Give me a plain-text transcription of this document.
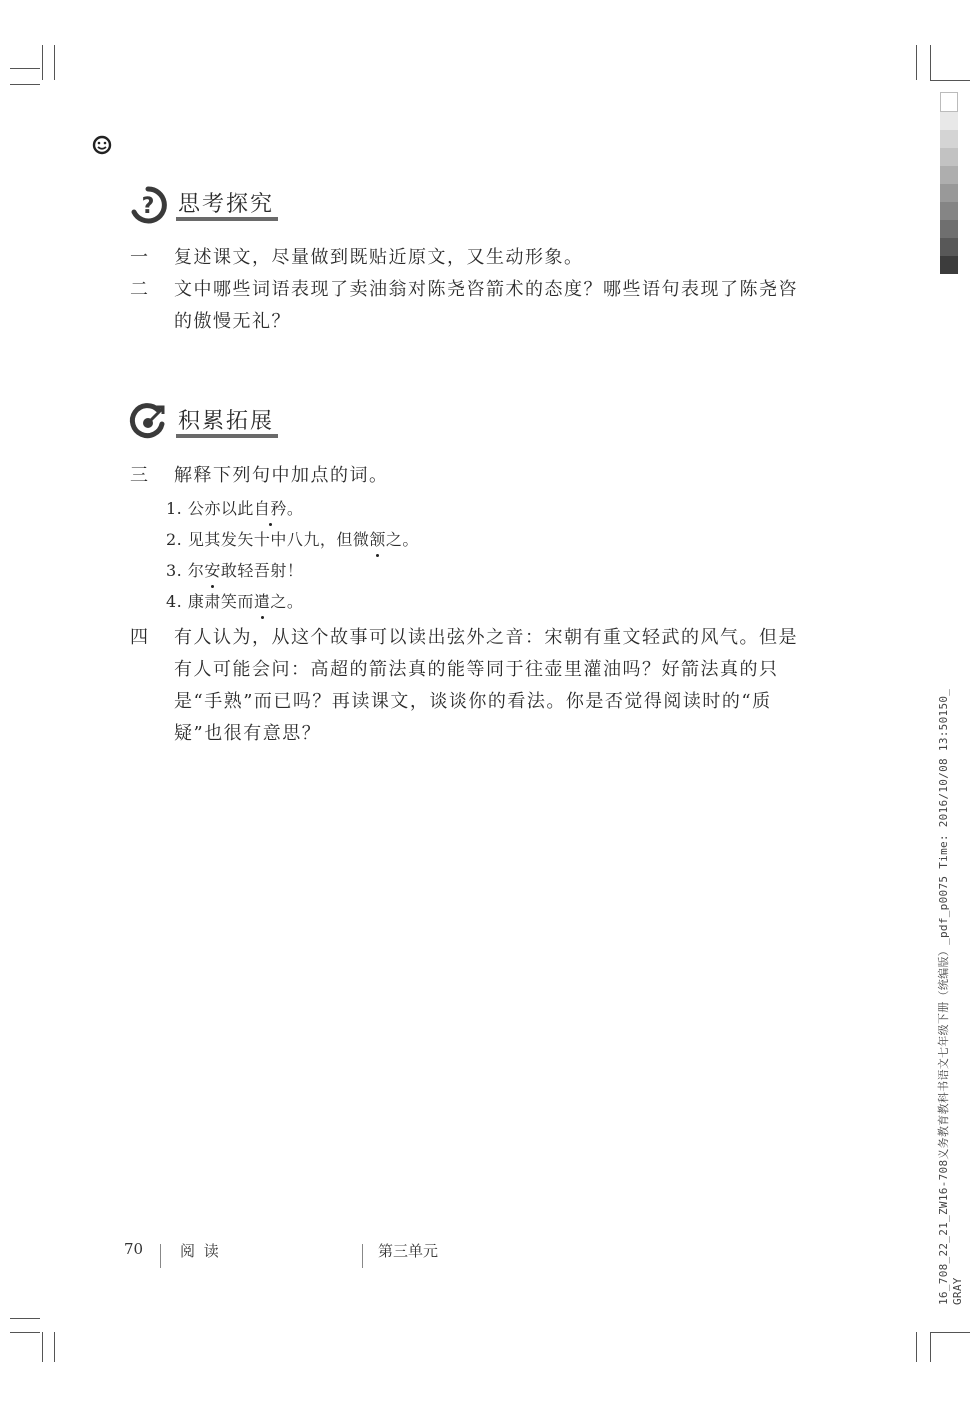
? 思考探究
一 复述课文，尽量做到既贴近原文，又生动形象。
二 文中哪些词语表现了卖油翁对陈尧咨箭术的态度？哪些语句表现了陈尧咨的傲慢无礼？
积累拓展
三 解释下列句中加点的词。
1. 公亦以此自矜。
2. 见其发矢十中八九，但微颔之。
3. 尔安敢轻吾射！
4. 康肃笑而遣之。
四 有人认为，从这个故事可以读出弦外之音：宋朝有重文轻武的风气。但是有人可能会问：高超的箭法真的能等同于往壶里灌油吗？好箭法真的只是“手熟”而已吗？再读课文，谈谈你的看法。你是否觉得阅读时的“质疑”也很有意思？
70 阅 读	第三单元	16_708_22_21_ZW16-708义务教育教科书语文七年级下册（统编版）_pdf_p0075 Time: 2016/10/08 13:50150_ GRAY
